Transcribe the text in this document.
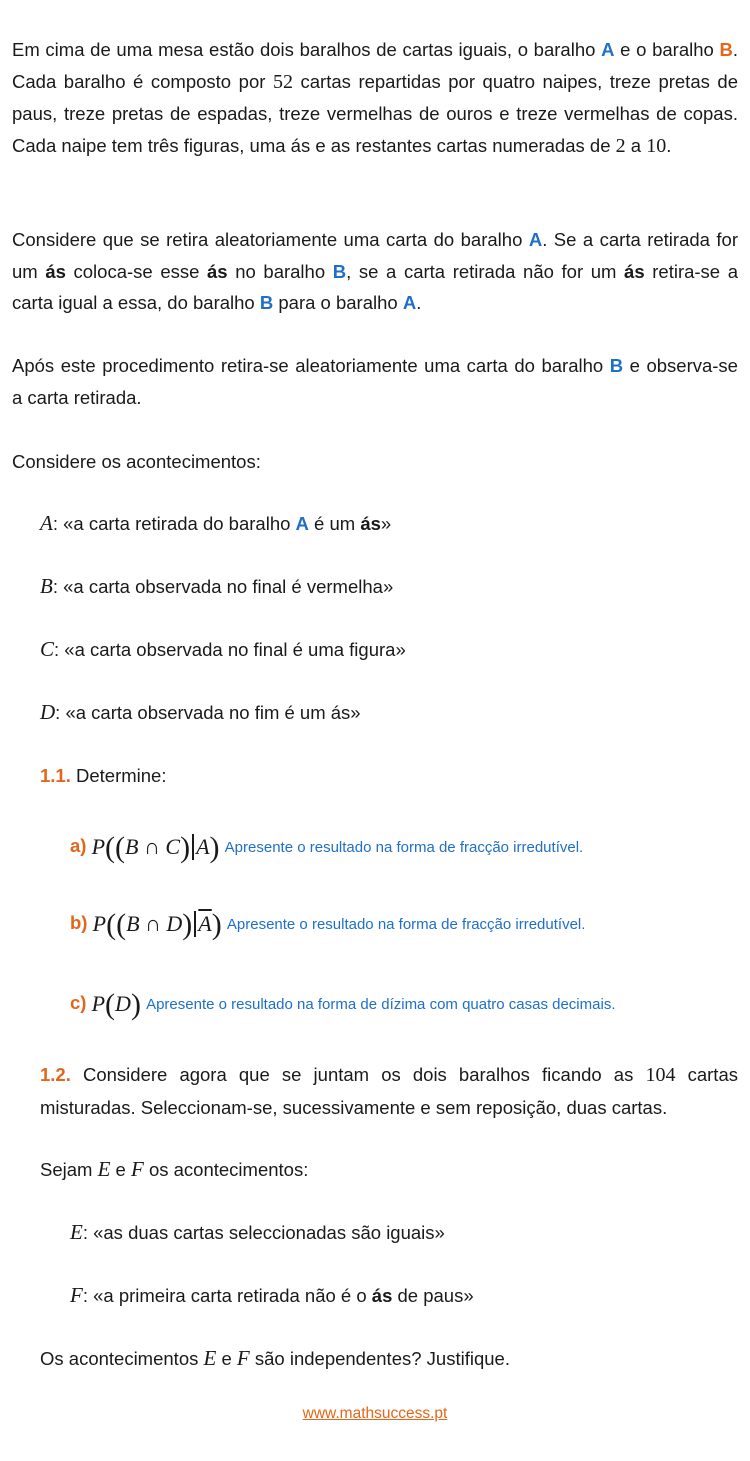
Em cima de uma mesa estão dois baralhos de cartas iguais, o baralho A e o baralho B. Cada baralho é composto por 52 cartas repartidas por quatro naipes, treze pretas de paus, treze pretas de espadas, treze vermelhas de ouros e treze vermelhas de copas. Cada naipe tem três figuras, uma ás e as restantes cartas numeradas de 2 a 10.
Considere que se retira aleatoriamente uma carta do baralho A. Se a carta retirada for um ás coloca-se esse ás no baralho B, se a carta retirada não for um ás retira-se a carta igual a essa, do baralho B para o baralho A.
Após este procedimento retira-se aleatoriamente uma carta do baralho B e observa-se a carta retirada.
Considere os acontecimentos:
A: «a carta retirada do baralho A é um ás»
B: «a carta observada no final é vermelha»
C: «a carta observada no final é uma figura»
D: «a carta observada no fim é um ás»
1.1. Determine:
a) P((B ∩ C) A) Apresente o resultado na forma de fracção irredutível.
b) P((B ∩ D) $\overline{A}$) Apresente o resultado na forma de fracção irredutível.
c) P(D) Apresente o resultado na forma de dízima com quatro casas decimais.
1.2. Considere agora que se juntam os dois baralhos ficando as 104 cartas misturadas. Seleccionam-se, sucessivamente e sem reposição, duas cartas.
Sejam E e F os acontecimentos:
E: «as duas cartas seleccionadas são iguais»
F: «a primeira carta retirada não é o ás de paus»
Os acontecimentos E e F são independentes? Justifique.
www.mathsuccess.pt
